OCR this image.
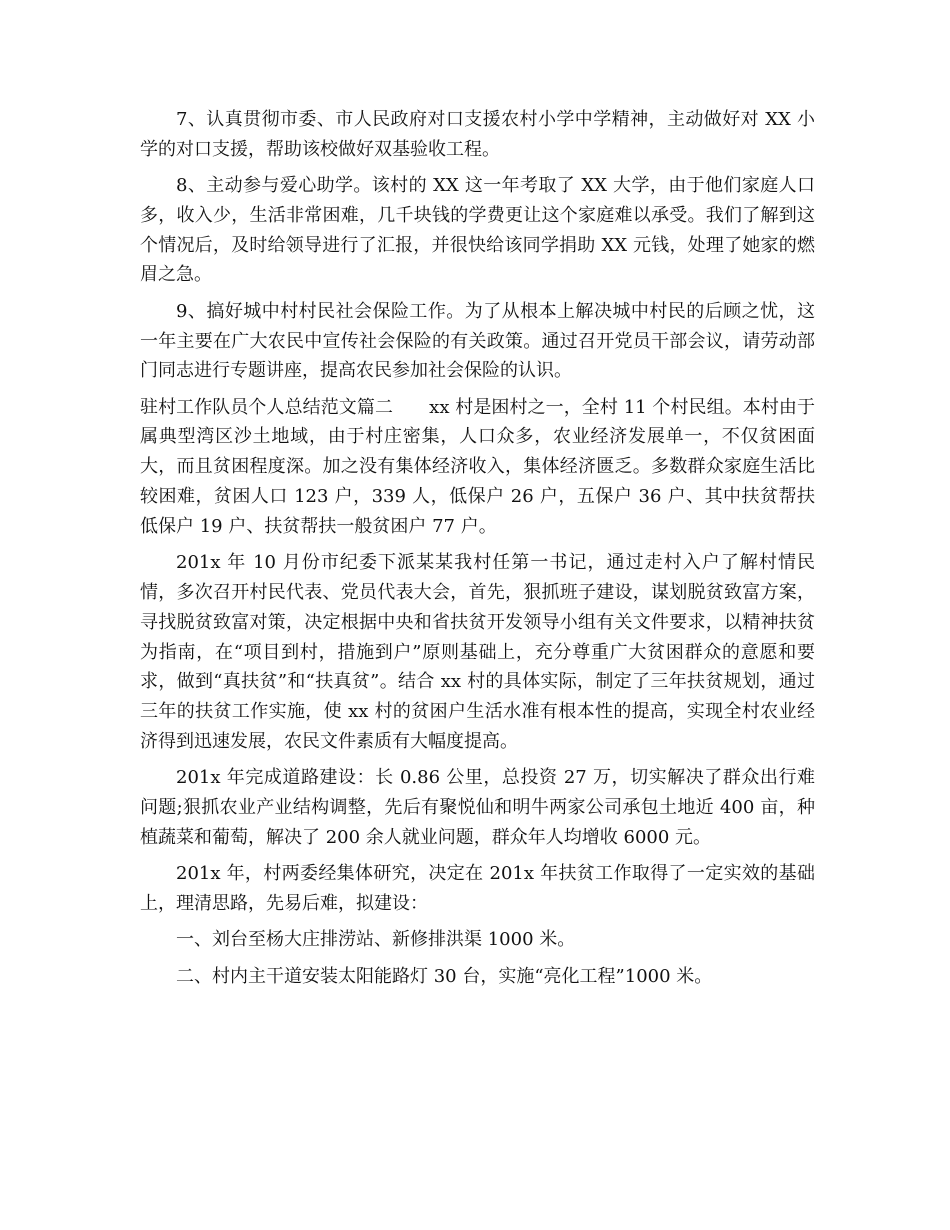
7、认真贯彻市委、市人民政府对口支援农村小学中学精神，主动做好对 XX 小学的对口支援，帮助该校做好双基验收工程。

8、主动参与爱心助学。该村的 XX 这一年考取了 XX 大学，由于他们家庭人口多，收入少，生活非常困难，几千块钱的学费更让这个家庭难以承受。我们了解到这个情况后，及时给领导进行了汇报，并很快给该同学捐助 XX 元钱，处理了她家的燃眉之急。

9、搞好城中村村民社会保险工作。为了从根本上解决城中村民的后顾之忧，这一年主要在广大农民中宣传社会保险的有关政策。通过召开党员干部会议，请劳动部门同志进行专题讲座，提高农民参加社会保险的认识。

驻村工作队员个人总结范文篇二　　xx 村是困村之一，全村 11 个村民组。本村由于属典型湾区沙土地域，由于村庄密集，人口众多，农业经济发展单一，不仅贫困面大，而且贫困程度深。加之没有集体经济收入，集体经济匮乏。多数群众家庭生活比较困难，贫困人口 123 户，339 人，低保户 26 户，五保户 36 户、其中扶贫帮扶低保户 19 户、扶贫帮扶一般贫困户 77 户。

201x 年 10 月份市纪委下派某某我村任第一书记，通过走村入户了解村情民情，多次召开村民代表、党员代表大会，首先，狠抓班子建设，谋划脱贫致富方案，寻找脱贫致富对策，决定根据中央和省扶贫开发领导小组有关文件要求，以精神扶贫为指南，在“项目到村，措施到户”原则基础上，充分尊重广大贫困群众的意愿和要求，做到“真扶贫”和“扶真贫”。结合 xx 村的具体实际，制定了三年扶贫规划，通过三年的扶贫工作实施，使 xx 村的贫困户生活水准有根本性的提高，实现全村农业经济得到迅速发展，农民文件素质有大幅度提高。

201x 年完成道路建设：长 0.86 公里，总投资 27 万，切实解决了群众出行难问题;狠抓农业产业结构调整，先后有聚悦仙和明牛两家公司承包土地近 400 亩，种植蔬菜和葡萄，解决了 200 余人就业问题，群众年人均增收 6000 元。

201x 年，村两委经集体研究，决定在 201x 年扶贫工作取得了一定实效的基础上，理清思路，先易后难，拟建设：

一、刘台至杨大庄排涝站、新修排洪渠 1000 米。

二、村内主干道安装太阳能路灯 30 台，实施“亮化工程”1000 米。
